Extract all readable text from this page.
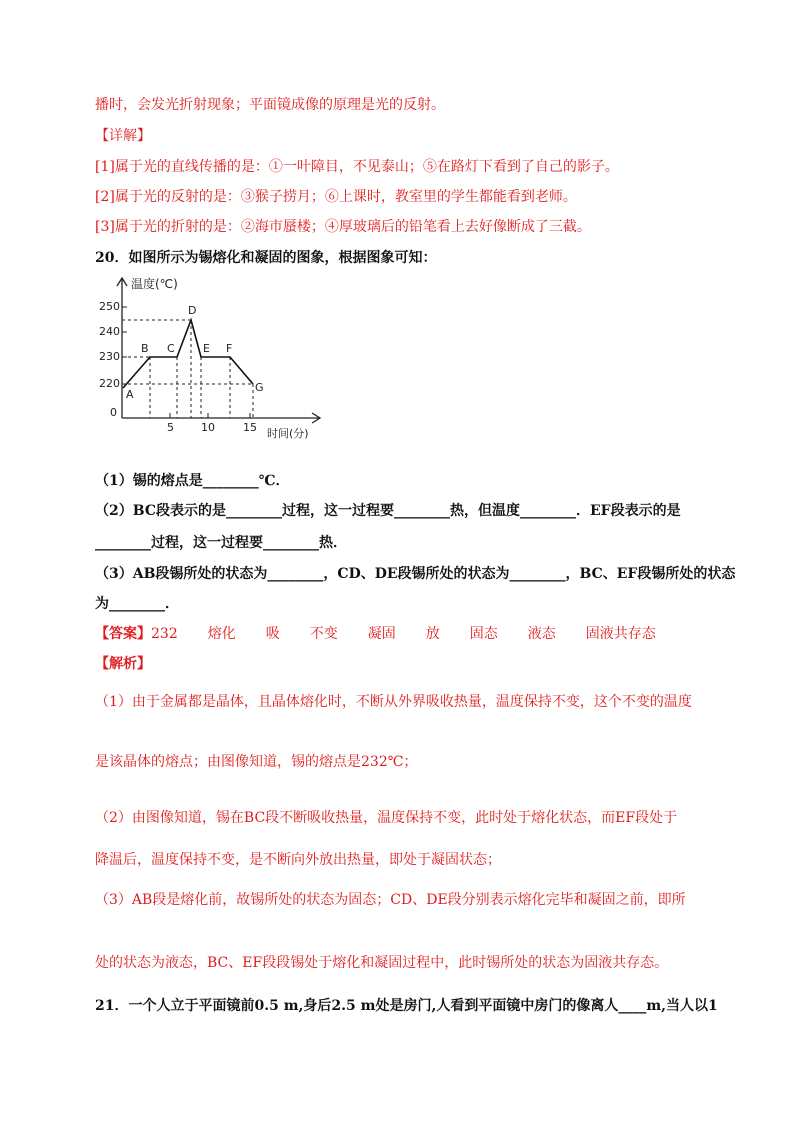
播时，会发光折射现象；平面镜成像的原理是光的反射。
【详解】
[1]属于光的直线传播的是：①一叶障目，不见泰山；⑤在路灯下看到了自己的影子。
[2]属于光的反射的是：③猴子捞月；⑥上课时，教室里的学生都能看到老师。
[3]属于光的折射的是：②海市蜃楼；④厚玻璃后的铅笔看上去好像断成了三截。
20．如图所示为锡熔化和凝固的图象，根据图象可知：
250
240
230
220
0
5 10	15
温度(℃)
时间(分)
A
B C
D
E F
G
（1）锡的熔点是________℃．
（2）BC段表示的是________过程，这一过程要________热，但温度________．EF段表示的是
________过程，这一过程要________热．
（3）AB段锡所处的状态为________，CD、DE段锡所处的状态为________，BC、EF段锡所处的状态
为________．
【答案】232 熔化 吸 不变 凝固 放 固态 液态 固液共存态
【解析】
（1）由于金属都是晶体，且晶体熔化时，不断从外界吸收热量，温度保持不变，这个不变的温度
是该晶体的熔点；由图像知道，锡的熔点是232℃；
（2）由图像知道，锡在BC段不断吸收热量，温度保持不变，此时处于熔化状态，而EF段处于
降温后，温度保持不变，是不断向外放出热量，即处于凝固状态；
（3）AB段是熔化前，故锡所处的状态为固态；CD、DE段分别表示熔化完毕和凝固之前，即所
处的状态为液态，BC、EF段段锡处于熔化和凝固过程中，此时锡所处的状态为固液共存态。
21．一个人立于平面镜前0.5 m,身后2.5 m处是房门,人看到平面镜中房门的像离人____m,当人以1
